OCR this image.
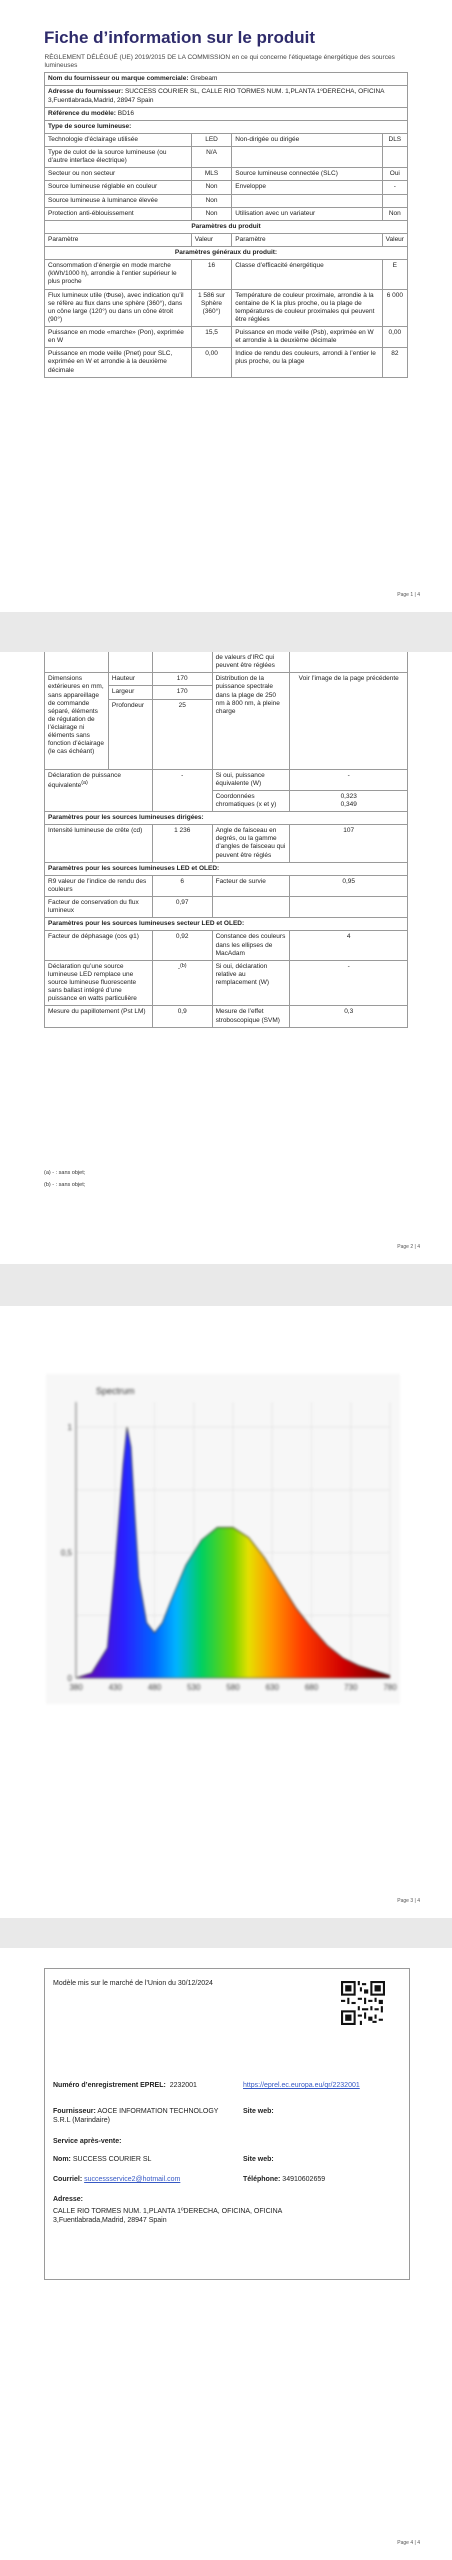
Fiche d’information sur le produit
RÈGLEMENT DÉLÉGUÉ (UE) 2019/2015 DE LA COMMISSION en ce qui concerne l’étiquetage énergétique des sources lumineuses			
Nom du fournisseur ou marque commerciale: Grebeam			
Adresse du fournisseur: SUCCESS COURIER SL, CALLE RIO TORMES NUM. 1,PLANTA 1ºDERECHA, OFICINA 3,Fuentlabrada,Madrid, 28947 Spain			
Référence du modèle: BD16			
Type de source lumineuse:			
Technologie d’éclairage utilisée	LED	Non-dirigée ou dirigée	DLS
Type de culot de la source lumineuse (ou d’autre interface électrique)	N/A		
Secteur ou non secteur	MLS	Source lumineuse connectée (SLC)	Oui
Source lumineuse réglable en couleur	Non	Enveloppe	-
Source lumineuse à luminance élevée	Non		
Protection anti-éblouissement	Non	Utilisation avec un variateur	Non
Paramètres du produit			
Paramètre	Valeur	Paramètre	Valeur
Paramètres généraux du produit:			
Consommation d’énergie en mode marche (kWh/1000 h), arrondie à l’entier supérieur le plus proche	16	Classe d’efficacité énergétique	E
Flux lumineux utile (Φuse), avec indication qu’il se réfère au flux dans une sphère (360°), dans un cône large (120°) ou dans un cône étroit (90°)	1 586 sur Sphère (360°)	Température de couleur proximale, arrondie à la centaine de K la plus proche, ou la plage de températures de couleur proximales qui peuvent être réglées	6 000
Puissance en mode «marche» (Pon), exprimée en W	15,5	Puissance en mode veille (Psb), exprimée en W et arrondie à la deuxième décimale	0,00
Puissance en mode veille (Pnet) pour SLC, exprimée en W et arrondie à la deuxième décimale	0,00	Indice de rendu des couleurs, arrondi à l’entier le plus proche, ou la plage	82
Page 1 | 4
			de valeurs d’IRC qui peuvent être réglées	
Dimensions extérieures en mm, sans appareillage de commande séparé, éléments de régulation de l’éclairage ni éléments sans fonction d’éclairage (le cas échéant)	Hauteur	170	Distribution de la puissance spectrale dans la plage de 250 nm à 800 nm, à pleine charge	Voir l’image de la page précédente
	Largeur	170		
	Profondeur	25		
Déclaration de puissance équivalente$^{(a)}$		-	Si oui, puissance équivalente (W)	-
			Coordonnées chromatiques (x et y)	0,323
0,349

Paramètres pour les sources lumineuses dirigées:				
Intensité lumineuse de crête (cd)		1 236	Angle de faisceau en degrés, ou la gamme d’angles de faisceau qui peuvent être réglés	107
Paramètres pour les sources lumineuses LED et OLED:				
R9 valeur de l’indice de rendu des couleurs		6	Facteur de survie	0,95
Facteur de conservation du flux lumineux		0,97		
Paramètres pour les sources lumineuses secteur LED et OLED:				
Facteur de déphasage (cos φ1)		0,92	Constance des couleurs dans les ellipses de MacAdam	4
Déclaration qu’une source lumineuse LED remplace une source lumineuse fluorescente sans ballast intégré d’une puissance en watts particulière		-$^{(b)}$	Si oui, déclaration relative au remplacement (W)	-
Mesure du papillotement (Pst LM)		0,9	Mesure de l’effet stroboscopique (SVM)	0,3
(a) - : sans objet;
(b) - : sans objet;
Page 2 | 4
380	430	480	530	580	630	680	730	780
0
0,5
1
Spectrum
Page 3 | 4
Modèle mis sur le marché de l’Union du 30/12/2024
Numéro d’enregistrement EPREL: 2232001	https://eprel.ec.europa.eu/qr/2232001
Fournisseur: AOCE INFORMATION TECHNOLOGY S.R.L (Marindaire)
Site web:
Service après-vente:
Nom: SUCCESS COURIER SL	Site web:
Courriel: successservice2@hotmail.com	Téléphone: 34910602659
Adresse:
CALLE RIO TORMES NUM. 1,PLANTA 1ºDERECHA, OFICINA, OFICINA 3,Fuentlabrada,Madrid, 28947 Spain
Page 4 | 4
